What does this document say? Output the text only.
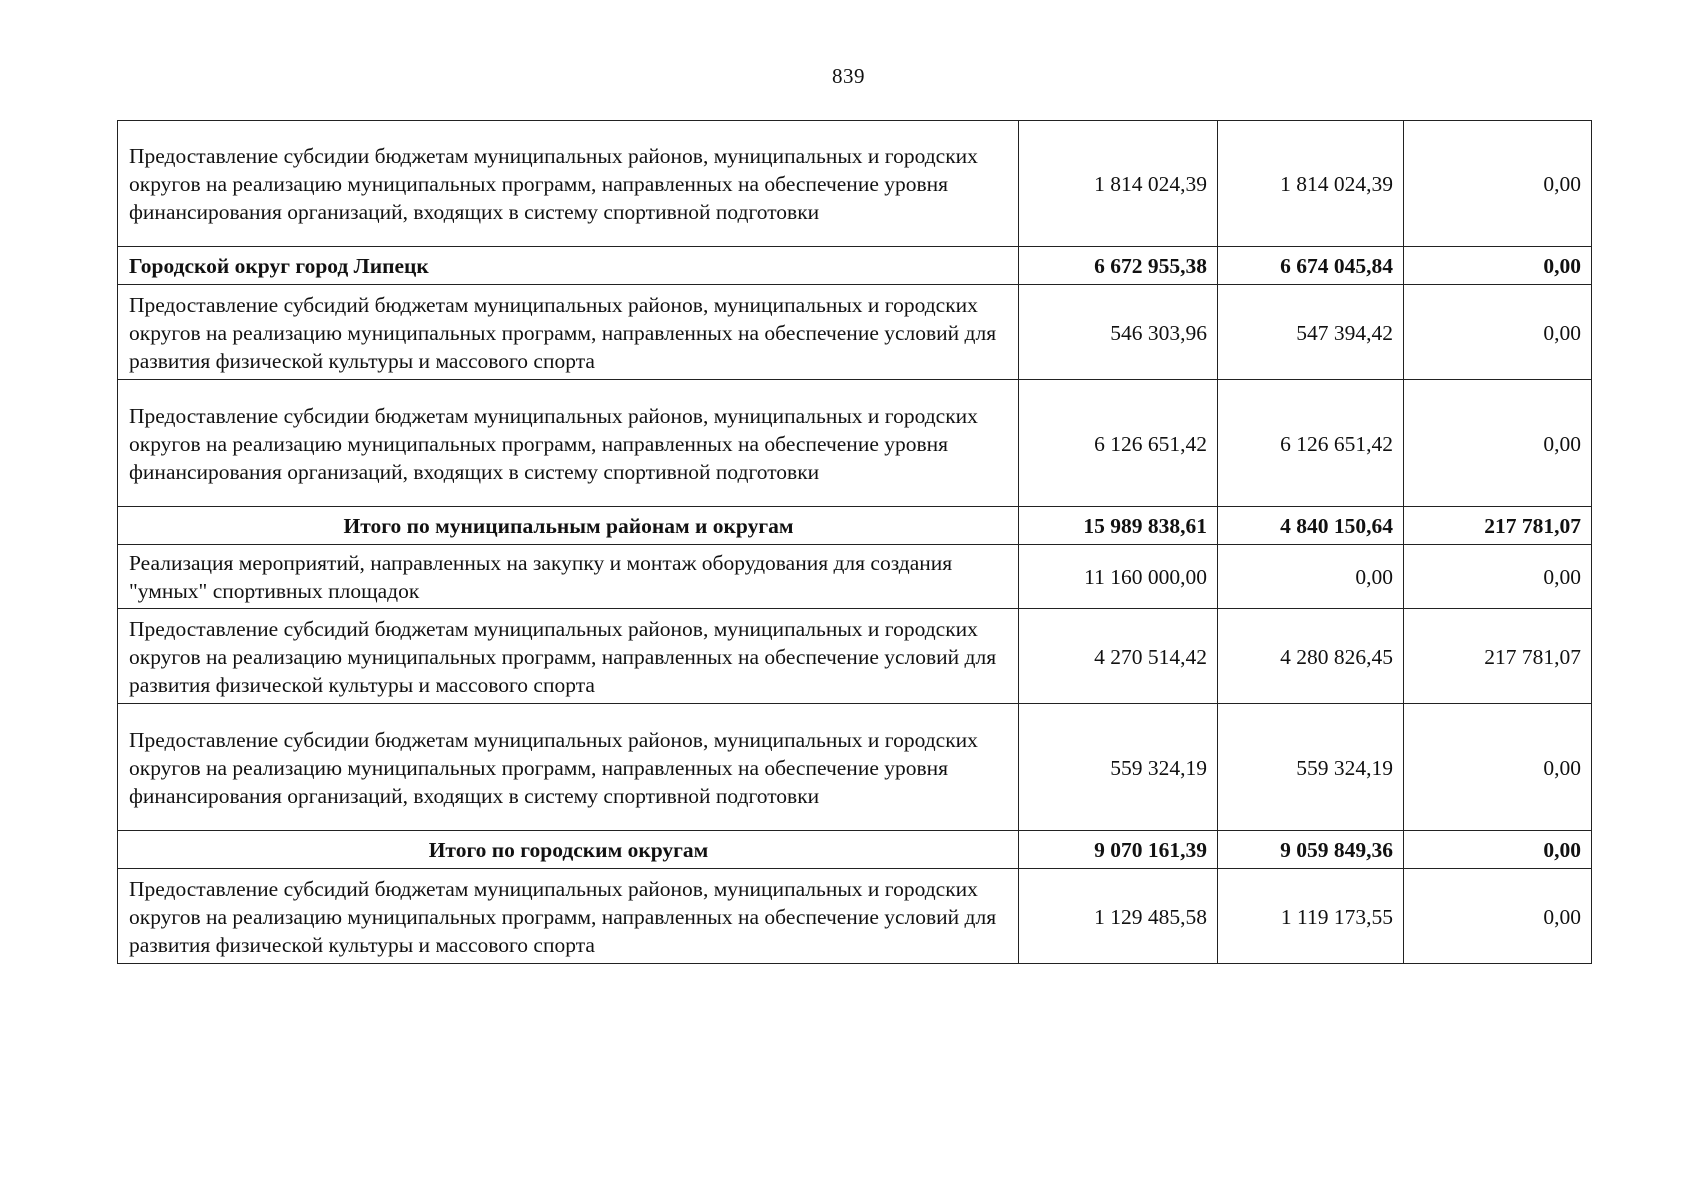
839
Предоставление субсидии бюджетам муниципальных районов, муниципальных и городских округов на реализацию муниципальных программ, направленных на обеспечение уровня финансирования организаций, входящих в систему спортивной подготовки	1 814 024,39	1 814 024,39	0,00
Городской округ город Липецк	6 672 955,38	6 674 045,84	0,00
Предоставление субсидий бюджетам муниципальных районов, муниципальных и городских округов на реализацию муниципальных программ, направленных на обеспечение условий для развития физической культуры и массового спорта	546 303,96	547 394,42	0,00
Предоставление субсидии бюджетам муниципальных районов, муниципальных и городских округов на реализацию муниципальных программ, направленных на обеспечение уровня финансирования организаций, входящих в систему спортивной подготовки	6 126 651,42	6 126 651,42	0,00
Итого по муниципальным районам и округам	15 989 838,61	4 840 150,64	217 781,07
Реализация мероприятий, направленных на закупку и монтаж оборудования для создания "умных" спортивных площадок	11 160 000,00	0,00	0,00
Предоставление субсидий бюджетам муниципальных районов, муниципальных и городских округов на реализацию муниципальных программ, направленных на обеспечение условий для развития физической культуры и массового спорта	4 270 514,42	4 280 826,45	217 781,07
Предоставление субсидии бюджетам муниципальных районов, муниципальных и городских округов на реализацию муниципальных программ, направленных на обеспечение уровня финансирования организаций, входящих в систему спортивной подготовки	559 324,19	559 324,19	0,00
Итого по городским округам	9 070 161,39	9 059 849,36	0,00
Предоставление субсидий бюджетам муниципальных районов, муниципальных и городских округов на реализацию муниципальных программ, направленных на обеспечение условий для развития физической культуры и массового спорта	1 129 485,58	1 119 173,55	0,00
